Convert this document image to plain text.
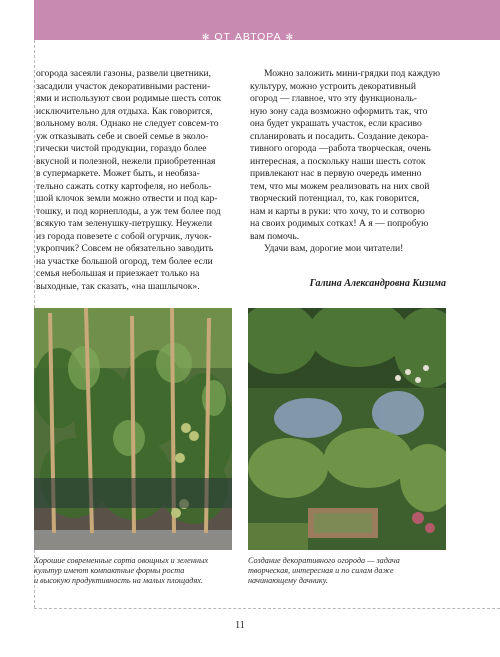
✻ ОТ АВТОРА ✻

огорода засеяли газоны, развели цветники,
засадили участок декоративными растени-
ями и используют свои родимые шесть соток
исключительно для отдыха. Как говорится,
вольному воля. Однако не следует совсем-то
уж отказывать себе и своей семье в эколо-
гически чистой продукции, гораздо более
вкусной и полезной, нежели приобретенная
в супермаркете. Может быть, и необяза-
тельно сажать сотку картофеля, но неболь-
шой клочок земли можно отвести и под кар-
тошку, и под корнеплоды, а уж тем более под
всякую там зеленушку-петрушку. Неужели
из города повезете с собой огурчик, лучок-
укропчик? Совсем не обязательно заводить
на участке большой огород, тем более если
семья небольшая и приезжает только на
выходные, так сказать, «на шашлычок».

Можно заложить мини-грядки под каждую
культуру, можно устроить декоративный
огород — главное, что эту функциональ-
ную зону сада возможно оформить так, что
она будет украшать участок, если красиво
спланировать и посадить. Создание декора-
тивного огорода —работа творческая, очень
интересная, а поскольку наши шесть соток
привлекают нас в первую очередь именно
тем, что мы можем реализовать на них свой
творческий потенциал, то, как говорится,
нам и карты в руки: что хочу, то и сотворю
на своих родимых сотках! А я — попробую
вам помочь.

Удачи вам, дорогие мои читатели!

Галина Александровна Кизима
Хорошие современные сорта овощных и зеленных
культур имеют компактные формы роста
и высокую продуктивность на малых площадях.
Создание декоративного огорода — задача
творческая, интересная и по силам даже
начинающему дачнику.
11
